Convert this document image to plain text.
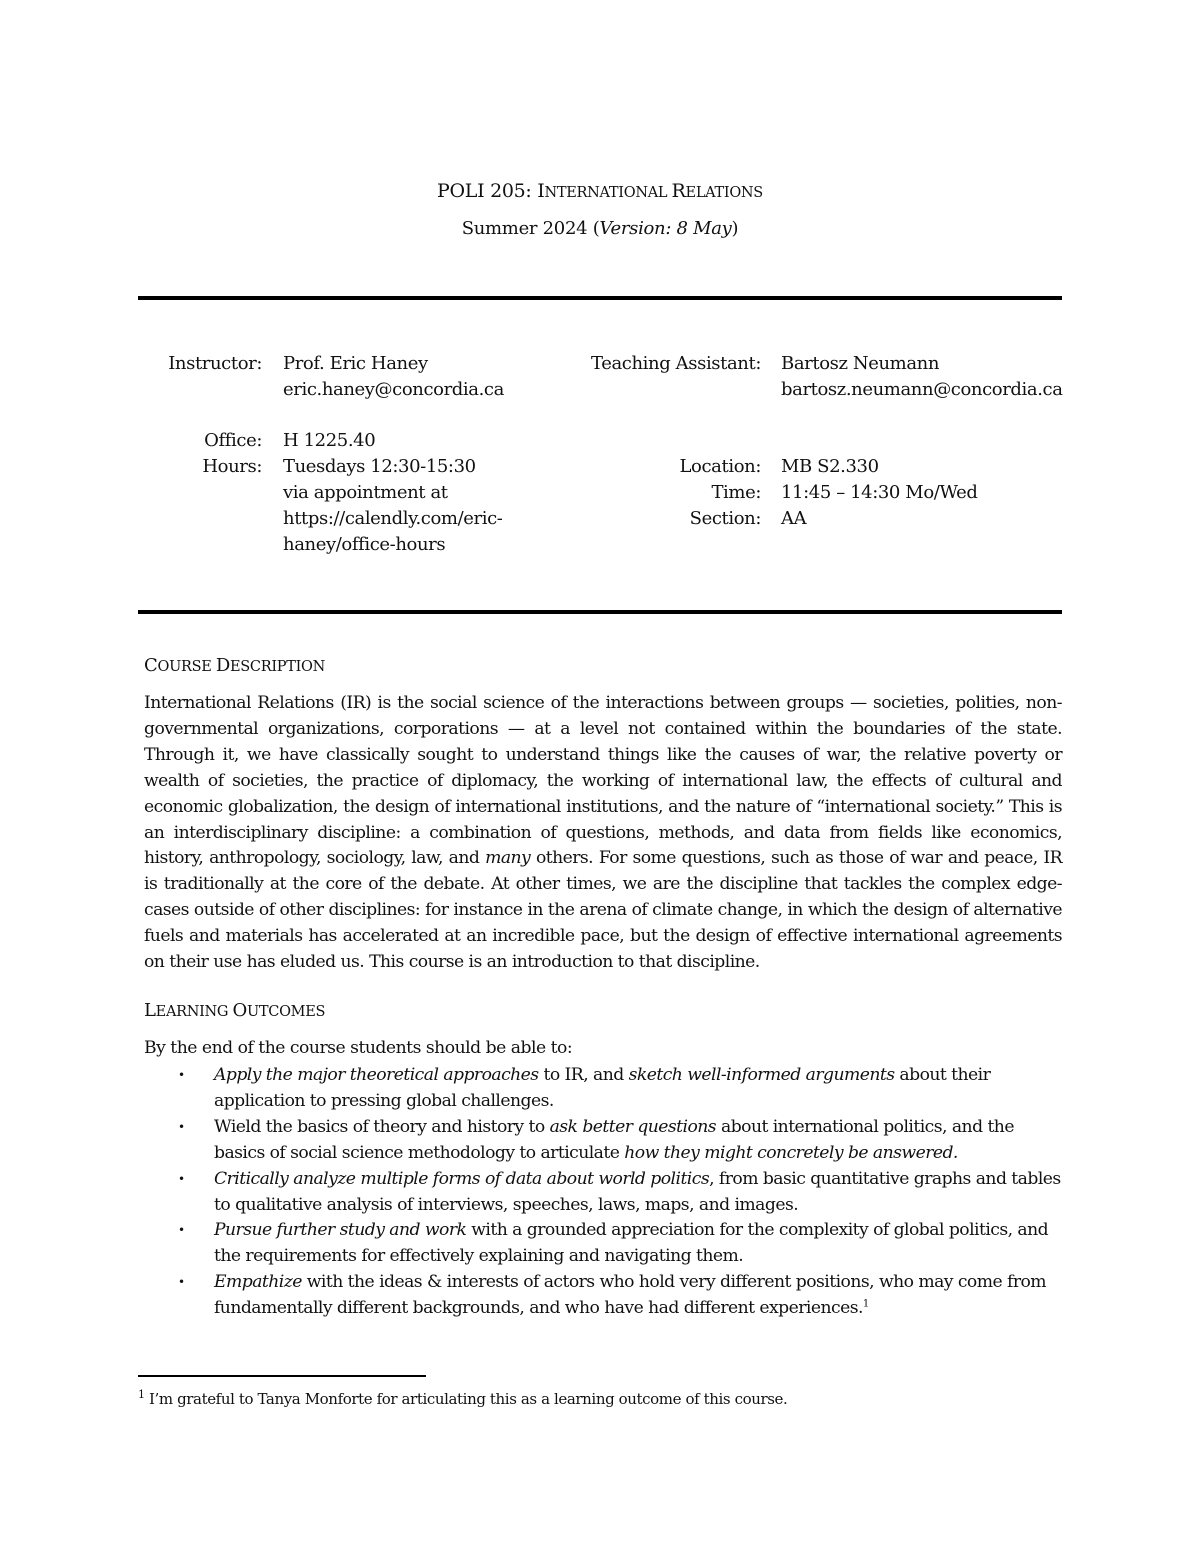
POLI 205: INTERNATIONAL RELATIONS
Summer 2024 (Version: 8 May)
Instructor: Prof. Eric Haney
eric.haney@concordia.ca
Office: H 1225.40
Hours: Tuesdays 12:30-15:30
via appointment at
https://calendly.com/eric-
haney/office-hours
Teaching Assistant: Bartosz Neumann
bartosz.neumann@concordia.ca
Location: MB S2.330
Time: 11:45 – 14:30 Mo/Wed
Section: AA
COURSE DESCRIPTION
International Relations (IR) is the social science of the interactions between groups — societies, polities, non-governmental organizations, corporations — at a level not contained within the boundaries of the state. Through it, we have classically sought to understand things like the causes of war, the relative poverty or wealth of societies, the practice of diplomacy, the working of international law, the effects of cultural and economic globalization, the design of international institutions, and the nature of “international society.” This is an interdisciplinary discipline: a combination of questions, methods, and data from fields like economics, history, anthropology, sociology, law, and many others. For some questions, such as those of war and peace, IR is traditionally at the core of the debate. At other times, we are the discipline that tackles the complex edge-cases outside of other disciplines: for instance in the arena of climate change, in which the design of alternative fuels and materials has accelerated at an incredible pace, but the design of effective international agreements on their use has eluded us. This course is an introduction to that discipline.
LEARNING OUTCOMES
By the end of the course students should be able to:
• Apply the major theoretical approaches to IR, and sketch well-informed arguments about their application to pressing global challenges.
• Wield the basics of theory and history to ask better questions about international politics, and the basics of social science methodology to articulate how they might concretely be answered.
• Critically analyze multiple forms of data about world politics, from basic quantitative graphs and tables to qualitative analysis of interviews, speeches, laws, maps, and images.
• Pursue further study and work with a grounded appreciation for the complexity of global politics, and the requirements for effectively explaining and navigating them.
• Empathize with the ideas & interests of actors who hold very different positions, who may come from fundamentally different backgrounds, and who have had different experiences.$^1$
$^1$ I’m grateful to Tanya Monforte for articulating this as a learning outcome of this course.
